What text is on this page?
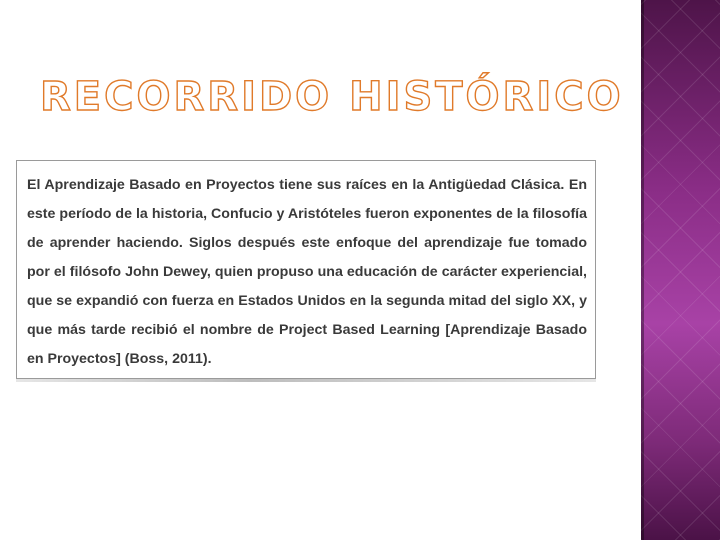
RECORRIDO HISTÓRICO

El Aprendizaje Basado en Proyectos tiene sus raíces en la Antigüedad Clásica. En este período de la historia, Confucio y Aristóteles fueron exponentes de la filosofía de aprender haciendo. Siglos después este enfoque del aprendizaje fue tomado por el filósofo John Dewey, quien propuso una educación de carácter experiencial, que se expandió con fuerza en Estados Unidos en la segunda mitad del siglo XX, y que más tarde recibió el nombre de Project Based Learning [Aprendizaje Basado en Proyectos] (Boss, 2011).
